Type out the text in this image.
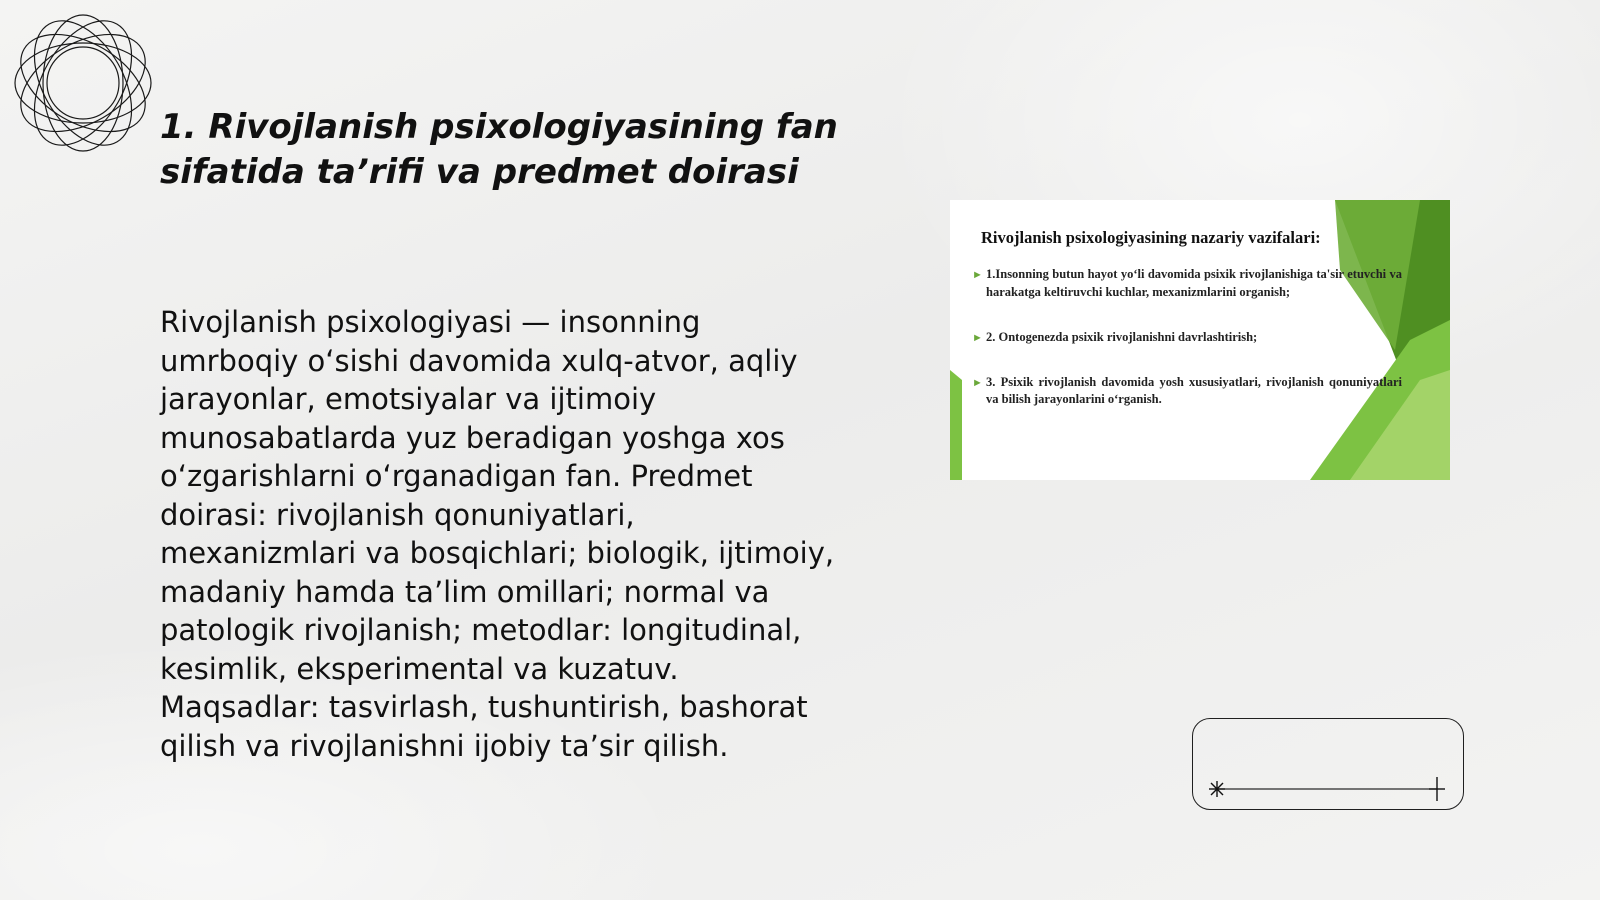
1. Rivojlanish psixologiyasining fan sifatida ta’rifi va predmet doirasi

Rivojlanish psixologiyasi — insonning umrboqiy oʻsishi davomida xulq-atvor, aqliy jarayonlar, emotsiyalar va ijtimoiy munosabatlarda yuz beradigan yoshga xos oʻzgarishlarni oʻrganadigan fan. Predmet doirasi: rivojlanish qonuniyatlari, mexanizmlari va bosqichlari; biologik, ijtimoiy, madaniy hamda taʼlim omillari; normal va patologik rivojlanish; metodlar: longitudinal, kesimlik, eksperimental va kuzatuv. Maqsadlar: tasvirlash, tushuntirish, bashorat qilish va rivojlanishni ijobiy taʼsir qilish.

Rivojlanish psixologiyasining nazariy vazifalari:

► 1.Insonning butun hayot yo‘li davomida psixik rivojlanishiga ta'sir etuvchi va harakatga keltiruvchi kuchlar, mexanizmlarini organish;
► 2. Ontogenezda psixik rivojlanishni davrlashtirish;
► 3. Psixik rivojlanish davomida yosh xususiyatlari, rivojlanish qonuniyatlari va bilish jarayonlarini o‘rganish.
